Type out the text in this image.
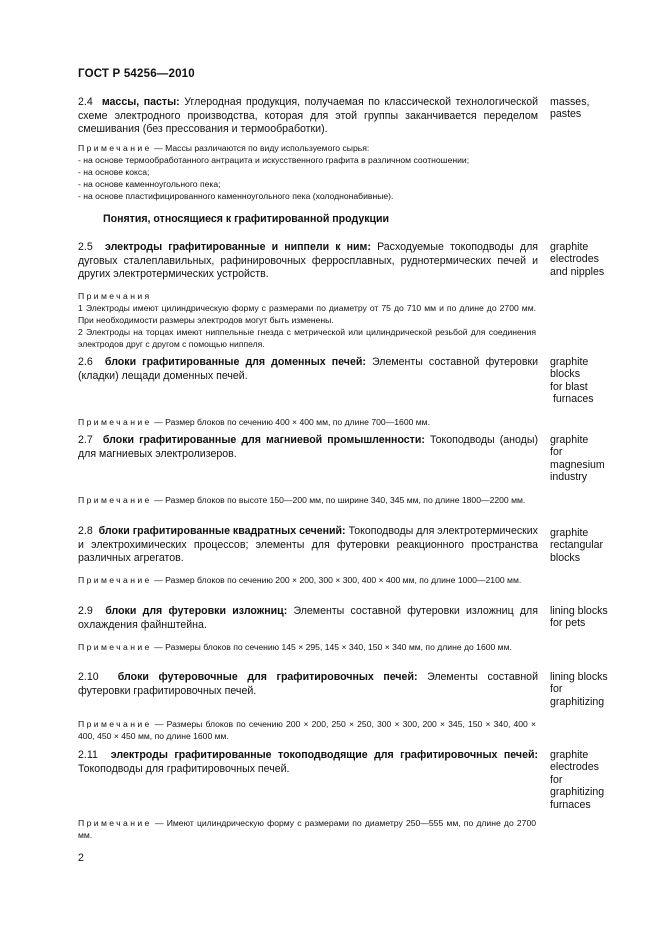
ГОСТ Р 54256—2010
2.4 массы, пасты: Углеродная продукция, получаемая по классической технологической схеме электродного производства, которая для этой группы заканчивается переделом смешивания (без прессования и термообработки).
masses, pastes
Примечание — Массы различаются по виду используемого сырья:
- на основе термообработанного антрацита и искусственного графита в различном соотношении;
- на основе кокса;
- на основе каменноугольного пека;
- на основе пластифицированного каменноугольного пека (холоднонабивные).
Понятия, относящиеся к графитированной продукции
2.5 электроды графитированные и ниппели к ним: Расходуемые токоподводы для дуговых сталеплавильных, рафинировочных ферросплавных, руднотермических печей и других электротермических устройств.
graphite
electrodes
and nipples
Примечания
1 Электроды имеют цилиндрическую форму с размерами по диаметру от 75 до 710 мм и по длине до 2700 мм. При необходимости размеры электродов могут быть изменены.
2 Электроды на торцах имеют ниппельные гнезда с метрической или цилиндрической резьбой для соединения электродов друг с другом с помощью ниппеля.
2.6 блоки графитированные для доменных печей: Элементы составной футеровки (кладки) лещади доменных печей.
graphite
blocks
for blast
furnaces
Примечание — Размер блоков по сечению 400 × 400 мм, по длине 700—1600 мм.
2.7 блоки графитированные для магниевой промышленности: Токоподводы (аноды) для магниевых электролизеров.
graphite
for
magnesium
industry
Примечание — Размер блоков по высоте 150—200 мм, по ширине 340, 345 мм, по длине 1800—2200 мм.
2.8 блоки графитированные квадратных сечений: Токоподводы для электротермических и электрохимических процессов; элементы для футеровки реакционного пространства различных агрегатов.
graphite
rectangular
blocks
Примечание — Размер блоков по сечению 200 × 200, 300 × 300, 400 × 400 мм, по длине 1000—2100 мм.
2.9 блоки для футеровки изложниц: Элементы составной футеровки изложниц для охлаждения файнштейна.
lining blocks
for pets
Примечание — Размеры блоков по сечению 145 × 295, 145 × 340, 150 × 340 мм, по длине до 1600 мм.
2.10 блоки футеровочные для графитировочных печей: Элементы составной футеровки графитировочных печей.
lining blocks
for
graphitizing
Примечание — Размеры блоков по сечению 200 × 200, 250 × 250, 300 × 300, 200 × 345, 150 × 340, 400 × 400, 450 × 450 мм, по длине 1600 мм.
2.11 электроды графитированные токоподводящие для графитировочных печей: Токоподводы для графитировочных печей.
graphite
electrodes
for
graphitizing
furnaces
Примечание — Имеют цилиндрическую форму с размерами по диаметру 250—555 мм, по длине до 2700 мм.
2
